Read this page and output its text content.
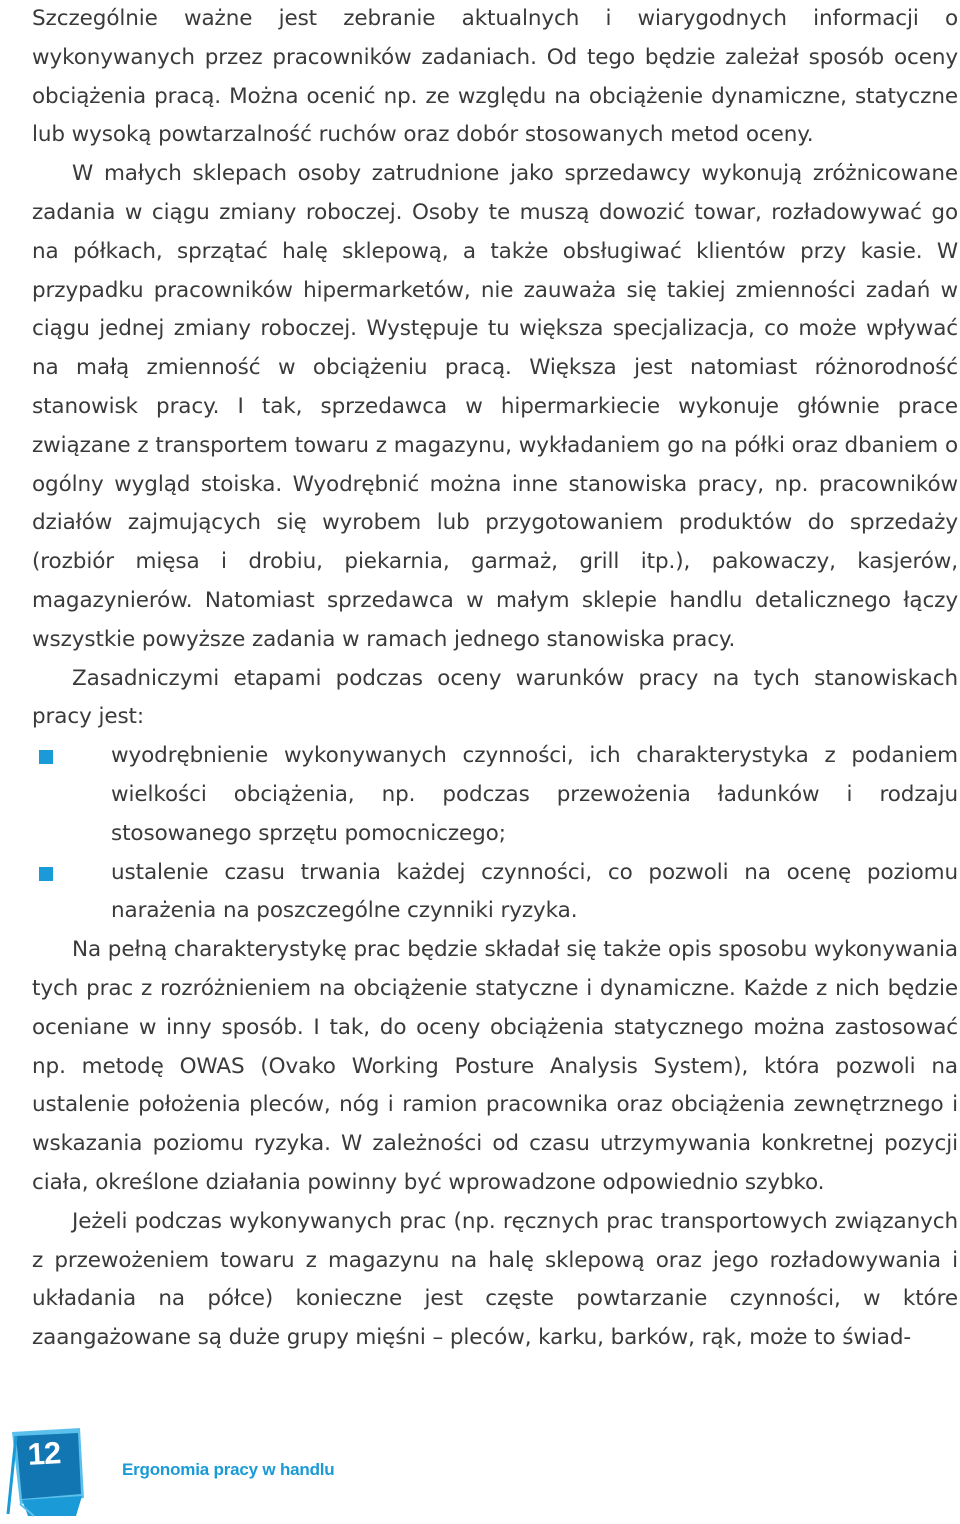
Szczególnie ważne jest zebranie aktualnych i wiarygodnych informacji o wykonywanych przez pracowników zadaniach. Od tego będzie zależał sposób oceny obciążenia pracą. Można ocenić np. ze względu na obciążenie dynamiczne, statyczne lub wysoką powtarzalność ruchów oraz dobór stosowanych metod oceny.

W małych sklepach osoby zatrudnione jako sprzedawcy wykonują zróżnicowane zadania w ciągu zmiany roboczej. Osoby te muszą dowozić towar, rozładowywać go na półkach, sprzątać halę sklepową, a także obsługiwać klientów przy kasie. W przypadku pracowników hipermarketów, nie zauważa się takiej zmienności zadań w ciągu jednej zmiany roboczej. Występuje tu większa specjalizacja, co może wpływać na małą zmienność w obciążeniu pracą. Większa jest natomiast różnorodność stanowisk pracy. I tak, sprzedawca w hipermarkiecie wykonuje głównie prace związane z transportem towaru z magazynu, wykładaniem go na półki oraz dbaniem o ogólny wygląd stoiska. Wyodrębnić można inne stanowiska pracy, np. pracowników działów zajmujących się wyrobem lub przygotowaniem produktów do sprzedaży (rozbiór mięsa i drobiu, piekarnia, garmaż, grill itp.), pakowaczy, kasjerów, magazynierów. Natomiast sprzedawca w małym sklepie handlu detalicznego łączy wszystkie powyższe zadania w ramach jednego stanowiska pracy.

Zasadniczymi etapami podczas oceny warunków pracy na tych stanowiskach pracy jest:

wyodrębnienie wykonywanych czynności, ich charakterystyka z podaniem wielkości obciążenia, np. podczas przewożenia ładunków i rodzaju stosowanego sprzętu pomocniczego;
ustalenie czasu trwania każdej czynności, co pozwoli na ocenę poziomu narażenia na poszczególne czynniki ryzyka.

Na pełną charakterystykę prac będzie składał się także opis sposobu wykonywania tych prac z rozróżnieniem na obciążenie statyczne i dynamiczne. Każde z nich będzie oceniane w inny sposób. I tak, do oceny obciążenia statycznego można zastosować np. metodę OWAS (Ovako Working Posture Analysis System), która pozwoli na ustalenie położenia pleców, nóg i ramion pracownika oraz obciążenia zewnętrznego i wskazania poziomu ryzyka. W zależności od czasu utrzymywania konkretnej pozycji ciała, określone działania powinny być wprowadzone odpowiednio szybko.

Jeżeli podczas wykonywanych prac (np. ręcznych prac transportowych związanych z przewożeniem towaru z magazynu na halę sklepową oraz jego rozładowywania i układania na półce) konieczne jest częste powtarzanie czynności, w które zaangażowane są duże grupy mięśni – pleców, karku, barków, rąk, może to świad-

12	Ergonomia pracy w handlu
